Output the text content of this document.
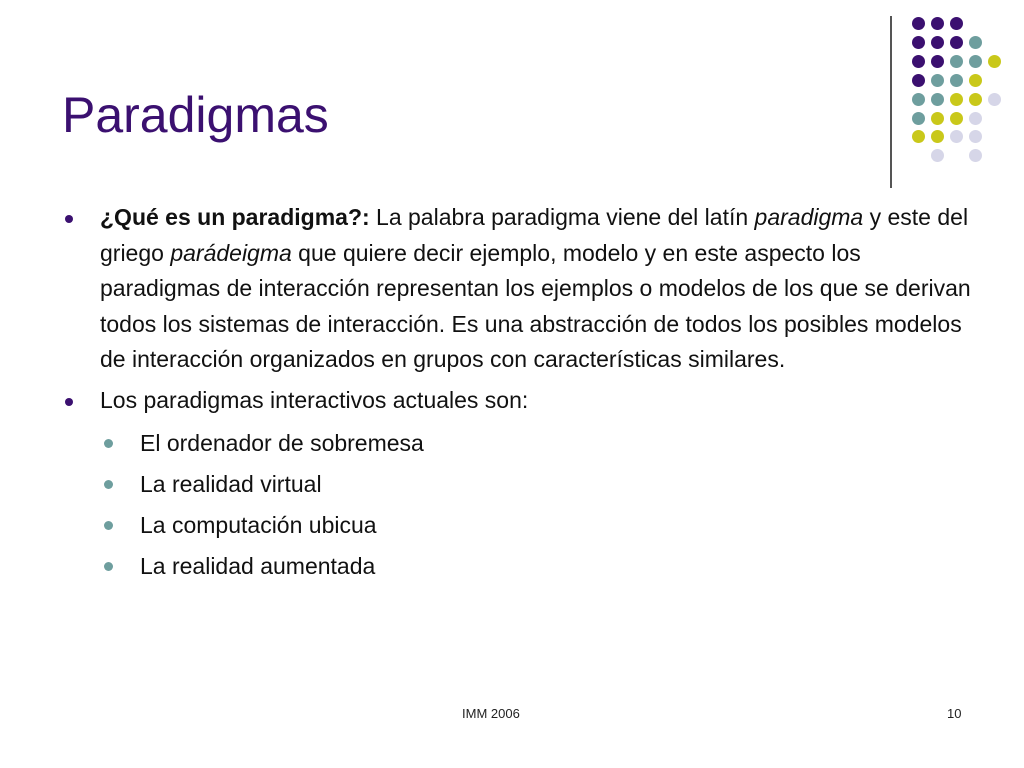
Paradigmas
¿Qué es un paradigma?: La palabra paradigma viene del latín paradigma y este del griego parádeigma que quiere decir ejemplo, modelo y en este aspecto los paradigmas de interacción representan los ejemplos o modelos de los que se derivan todos los sistemas de interacción. Es una abstracción de todos los posibles modelos de interacción organizados en grupos con características similares.
Los paradigmas interactivos actuales son:
El ordenador de sobremesa
La realidad virtual
La computación ubicua
La realidad aumentada
IMM 2006	10
